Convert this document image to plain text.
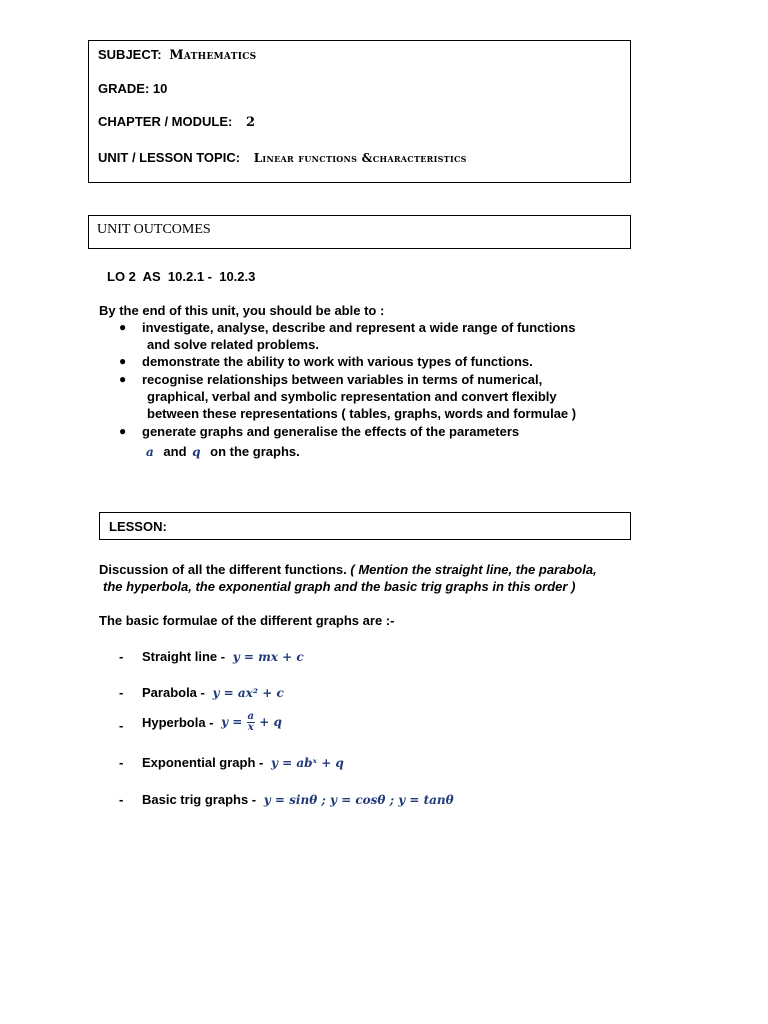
SUBJECT: Mathematics
GRADE: 10
CHAPTER / MODULE: 2
UNIT / LESSON TOPIC: Linear functions &characteristics
UNIT OUTCOMES
LO 2  AS  10.2.1 -  10.2.3
By the end of this unit, you should be able to :
● investigate, analyse, describe and represent a wide range of functions
and solve related problems.
● demonstrate the ability to work with various types of functions.
● recognise relationships between variables in terms of numerical,
graphical, verbal and symbolic representation and convert flexibly
between these representations ( tables, graphs, words and formulae )
● generate graphs and generalise the effects of the parameters
a and q on the graphs.
LESSON:
Discussion of all the different functions. ( Mention the straight line, the parabola,
the hyperbola, the exponential graph and the basic trig graphs in this order )
The basic formulae of the different graphs are :-
- Straight line - y = mx + c
- Parabola - y = ax² + c
- Hyperbola - $y = \frac{a}{x} + q$
- Exponential graph - y = abˣ + q
- Basic trig graphs - y = sinθ ; y = cosθ ; y = tanθ
